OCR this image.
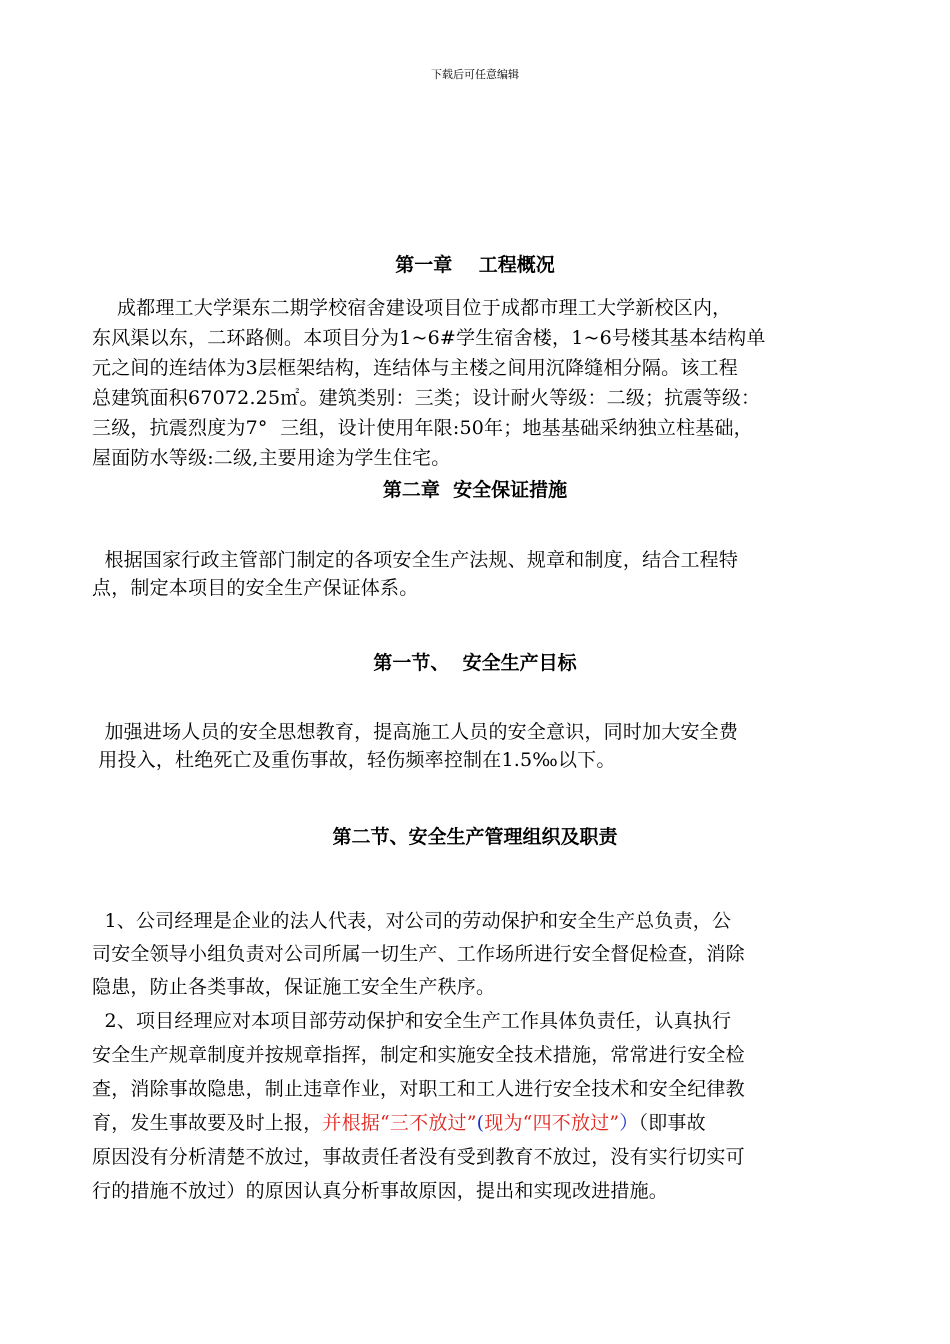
下载后可任意编辑
第一章    工程概况
成都理工大学渠东二期学校宿舍建设项目位于成都市理工大学新校区内，
东风渠以东，二环路侧。本项目分为1~6#学生宿舍楼，1~6号楼其基本结构单
元之间的连结体为3层框架结构，连结体与主楼之间用沉降缝相分隔。该工程
总建筑面积67072.25㎡。建筑类别：三类；设计耐火等级：二级；抗震等级：
三级，抗震烈度为7°  三组，设计使用年限:50年；地基基础采纳独立柱基础，
屋面防水等级:二级,主要用途为学生住宅。
第二章  安全保证措施
根据国家行政主管部门制定的各项安全生产法规、规章和制度，结合工程特
点，制定本项目的安全生产保证体系。
第一节、  安全生产目标
加强进场人员的安全思想教育，提高施工人员的安全意识，同时加大安全费
用投入，杜绝死亡及重伤事故，轻伤频率控制在1.5‰以下。
第二节、安全生产管理组织及职责
1、公司经理是企业的法人代表，对公司的劳动保护和安全生产总负责，公
司安全领导小组负责对公司所属一切生产、工作场所进行安全督促检查，消除
隐患，防止各类事故，保证施工安全生产秩序。
2、项目经理应对本项目部劳动保护和安全生产工作具体负责任，认真执行
安全生产规章制度并按规章指挥，制定和实施安全技术措施，常常进行安全检
查，消除事故隐患，制止违章作业，对职工和工人进行安全技术和安全纪律教
育，发生事故要及时上报，并根据“三不放过”(现为“四不放过”）（即事故
原因没有分析清楚不放过，事故责任者没有受到教育不放过，没有实行切实可
行的措施不放过）的原因认真分析事故原因，提出和实现改进措施。
